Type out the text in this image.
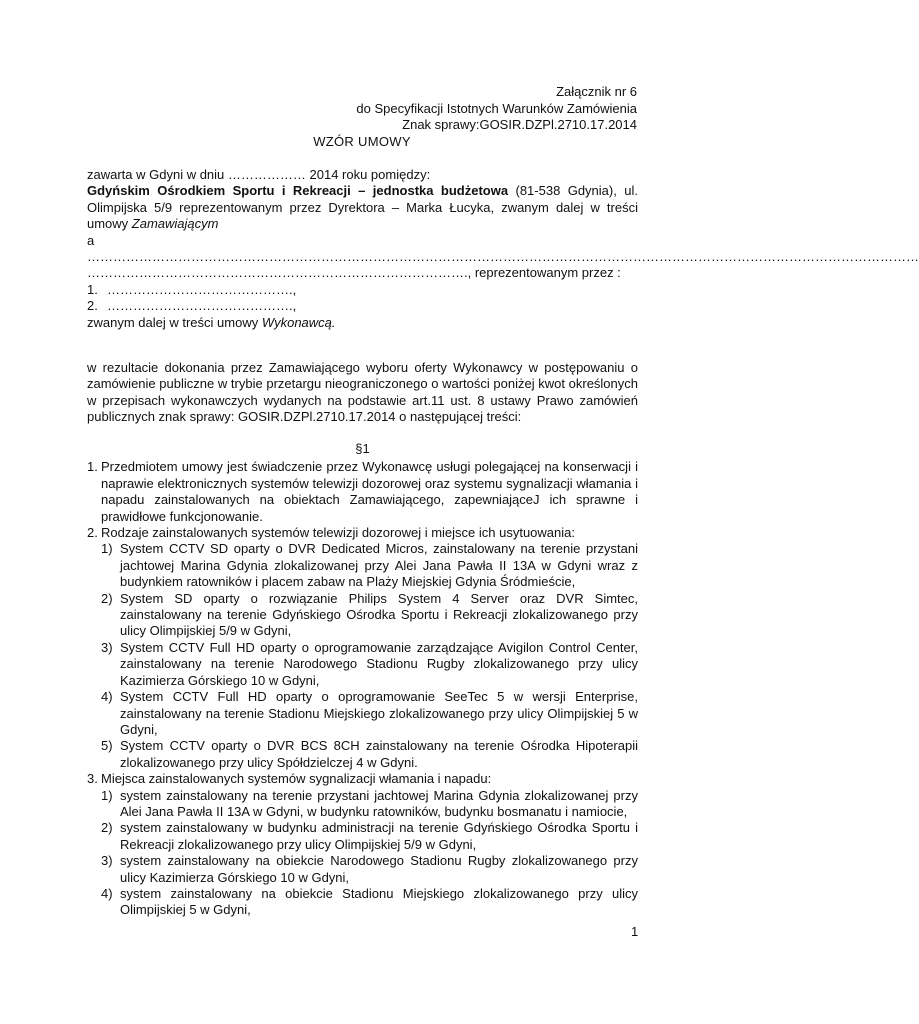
Załącznik nr 6
do Specyfikacji Istotnych Warunków Zamówienia
Znak sprawy:GOSIR.DZPl.2710.17.2014
WZÓR UMOWY
zawarta w Gdyni w dniu ……………… 2014 roku pomiędzy:
Gdyńskim Ośrodkiem Sportu i Rekreacji – jednostka budżetowa (81-538 Gdynia), ul. Olimpijska 5/9 reprezentowanym przez Dyrektora – Marka Łucyka, zwanym dalej w treści umowy Zamawiającym
a
…………………………………………………………………………………………………………………………………………………………………………
……………………………………………………………………………., reprezentowanym przez :
1. …………………………………….,
2. …………………………………….,
zwanym dalej w treści umowy Wykonawcą.
w rezultacie dokonania przez Zamawiającego wyboru oferty Wykonawcy w postępowaniu o zamówienie publiczne w trybie przetargu nieograniczonego o wartości poniżej kwot określonych w przepisach wykonawczych wydanych na podstawie art.11 ust. 8 ustawy Prawo zamówień publicznych znak sprawy: GOSIR.DZPl.2710.17.2014 o następującej treści:
§1
1. Przedmiotem umowy jest świadczenie przez Wykonawcę usługi polegającej na konserwacji i naprawie elektronicznych systemów telewizji dozorowej oraz systemu sygnalizacji włamania i napadu zainstalowanych na obiektach Zamawiającego, zapewniająceJ ich sprawne i prawidłowe funkcjonowanie.
2. Rodzaje zainstalowanych systemów telewizji dozorowej i miejsce ich usytuowania:
1) System CCTV SD oparty o DVR Dedicated Micros, zainstalowany na terenie przystani jachtowej Marina Gdynia zlokalizowanej przy Alei Jana Pawła II 13A w Gdyni wraz z budynkiem ratowników i placem zabaw na Plaży Miejskiej Gdynia Śródmieście,
2) System SD oparty o rozwiązanie Philips System 4 Server oraz DVR Simtec, zainstalowany na terenie Gdyńskiego Ośrodka Sportu i Rekreacji zlokalizowanego przy ulicy Olimpijskiej 5/9 w Gdyni,
3) System CCTV Full HD oparty o oprogramowanie zarządzające Avigilon Control Center, zainstalowany na terenie Narodowego Stadionu Rugby zlokalizowanego przy ulicy Kazimierza Górskiego 10 w Gdyni,
4) System CCTV Full HD oparty o oprogramowanie SeeTec 5 w wersji Enterprise, zainstalowany na terenie Stadionu Miejskiego zlokalizowanego przy ulicy Olimpijskiej 5 w Gdyni,
5) System CCTV oparty o DVR BCS 8CH zainstalowany na terenie Ośrodka Hipoterapii zlokalizowanego przy ulicy Spółdzielczej 4 w Gdyni.
3. Miejsca zainstalowanych systemów sygnalizacji włamania i napadu:
1) system zainstalowany na terenie przystani jachtowej Marina Gdynia zlokalizowanej przy Alei Jana Pawła II 13A w Gdyni, w budynku ratowników, budynku bosmanatu i namiocie,
2) system zainstalowany w budynku administracji na terenie Gdyńskiego Ośrodka Sportu i Rekreacji zlokalizowanego przy ulicy Olimpijskiej 5/9 w Gdyni,
3) system zainstalowany na obiekcie Narodowego Stadionu Rugby zlokalizowanego przy ulicy Kazimierza Górskiego 10 w Gdyni,
4) system zainstalowany na obiekcie Stadionu Miejskiego zlokalizowanego przy ulicy Olimpijskiej 5 w Gdyni,
1
